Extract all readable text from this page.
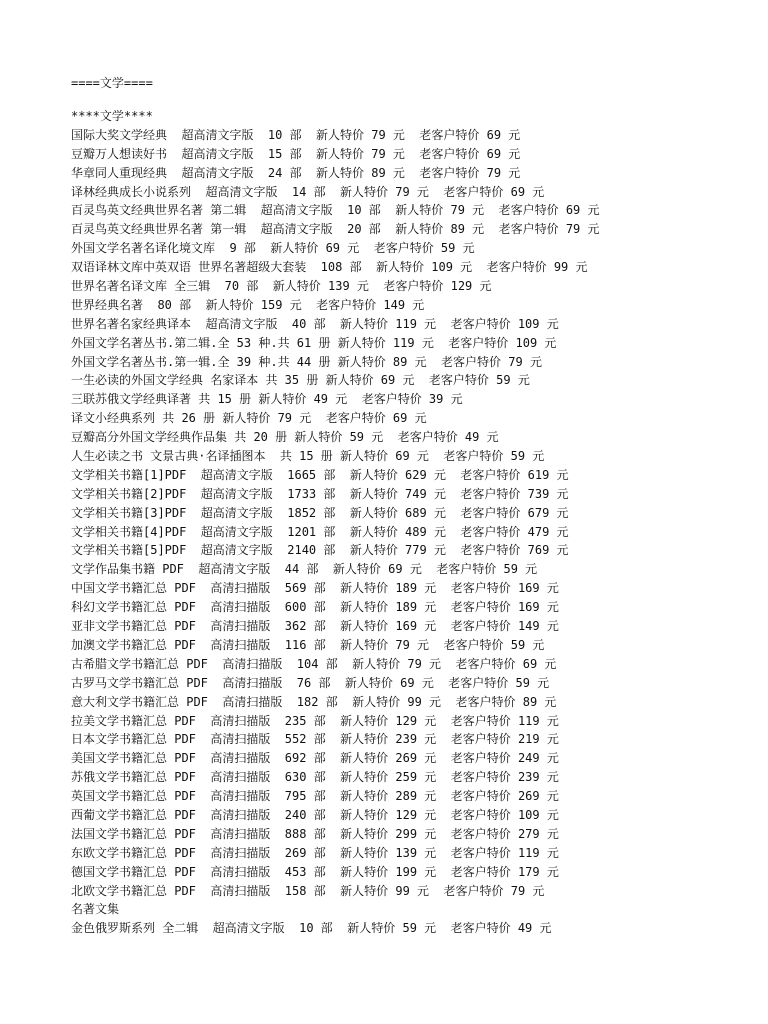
====文学====
****文学****
国际大奖文学经典  超高清文字版  10 部  新人特价 79 元  老客户特价 69 元
豆瓣万人想读好书  超高清文字版  15 部  新人特价 79 元  老客户特价 69 元
华章同人重现经典  超高清文字版  24 部  新人特价 89 元  老客户特价 79 元
译林经典成长小说系列  超高清文字版  14 部  新人特价 79 元  老客户特价 69 元
百灵鸟英文经典世界名著 第二辑  超高清文字版  10 部  新人特价 79 元  老客户特价 69 元
百灵鸟英文经典世界名著 第一辑  超高清文字版  20 部  新人特价 89 元  老客户特价 79 元
外国文学名著名译化境文库  9 部  新人特价 69 元  老客户特价 59 元
双语译林文库中英双语 世界名著超级大套装  108 部  新人特价 109 元  老客户特价 99 元
世界名著名译文库 全三辑  70 部  新人特价 139 元  老客户特价 129 元
世界经典名著  80 部  新人特价 159 元  老客户特价 149 元
世界名著名家经典译本  超高清文字版  40 部  新人特价 119 元  老客户特价 109 元
外国文学名著丛书.第二辑.全 53 种.共 61 册 新人特价 119 元  老客户特价 109 元
外国文学名著丛书.第一辑.全 39 种.共 44 册 新人特价 89 元  老客户特价 79 元
一生必读的外国文学经典 名家译本 共 35 册 新人特价 69 元  老客户特价 59 元
三联苏俄文学经典译著 共 15 册 新人特价 49 元  老客户特价 39 元
译文小经典系列 共 26 册 新人特价 79 元  老客户特价 69 元
豆瓣高分外国文学经典作品集 共 20 册 新人特价 59 元  老客户特价 49 元
人生必读之书 文景古典·名译插图本  共 15 册 新人特价 69 元  老客户特价 59 元
文学相关书籍[1]PDF  超高清文字版  1665 部  新人特价 629 元  老客户特价 619 元
文学相关书籍[2]PDF  超高清文字版  1733 部  新人特价 749 元  老客户特价 739 元
文学相关书籍[3]PDF  超高清文字版  1852 部  新人特价 689 元  老客户特价 679 元
文学相关书籍[4]PDF  超高清文字版  1201 部  新人特价 489 元  老客户特价 479 元
文学相关书籍[5]PDF  超高清文字版  2140 部  新人特价 779 元  老客户特价 769 元
文学作品集书籍 PDF  超高清文字版  44 部  新人特价 69 元  老客户特价 59 元
中国文学书籍汇总 PDF  高清扫描版  569 部  新人特价 189 元  老客户特价 169 元
科幻文学书籍汇总 PDF  高清扫描版  600 部  新人特价 189 元  老客户特价 169 元
亚非文学书籍汇总 PDF  高清扫描版  362 部  新人特价 169 元  老客户特价 149 元
加澳文学书籍汇总 PDF  高清扫描版  116 部  新人特价 79 元  老客户特价 59 元
古希腊文学书籍汇总 PDF  高清扫描版  104 部  新人特价 79 元  老客户特价 69 元
古罗马文学书籍汇总 PDF  高清扫描版  76 部  新人特价 69 元  老客户特价 59 元
意大利文学书籍汇总 PDF  高清扫描版  182 部  新人特价 99 元  老客户特价 89 元
拉美文学书籍汇总 PDF  高清扫描版  235 部  新人特价 129 元  老客户特价 119 元
日本文学书籍汇总 PDF  高清扫描版  552 部  新人特价 239 元  老客户特价 219 元
美国文学书籍汇总 PDF  高清扫描版  692 部  新人特价 269 元  老客户特价 249 元
苏俄文学书籍汇总 PDF  高清扫描版  630 部  新人特价 259 元  老客户特价 239 元
英国文学书籍汇总 PDF  高清扫描版  795 部  新人特价 289 元  老客户特价 269 元
西葡文学书籍汇总 PDF  高清扫描版  240 部  新人特价 129 元  老客户特价 109 元
法国文学书籍汇总 PDF  高清扫描版  888 部  新人特价 299 元  老客户特价 279 元
东欧文学书籍汇总 PDF  高清扫描版  269 部  新人特价 139 元  老客户特价 119 元
德国文学书籍汇总 PDF  高清扫描版  453 部  新人特价 199 元  老客户特价 179 元
北欧文学书籍汇总 PDF  高清扫描版  158 部  新人特价 99 元  老客户特价 79 元
名著文集
金色俄罗斯系列 全二辑  超高清文字版  10 部  新人特价 59 元  老客户特价 49 元
